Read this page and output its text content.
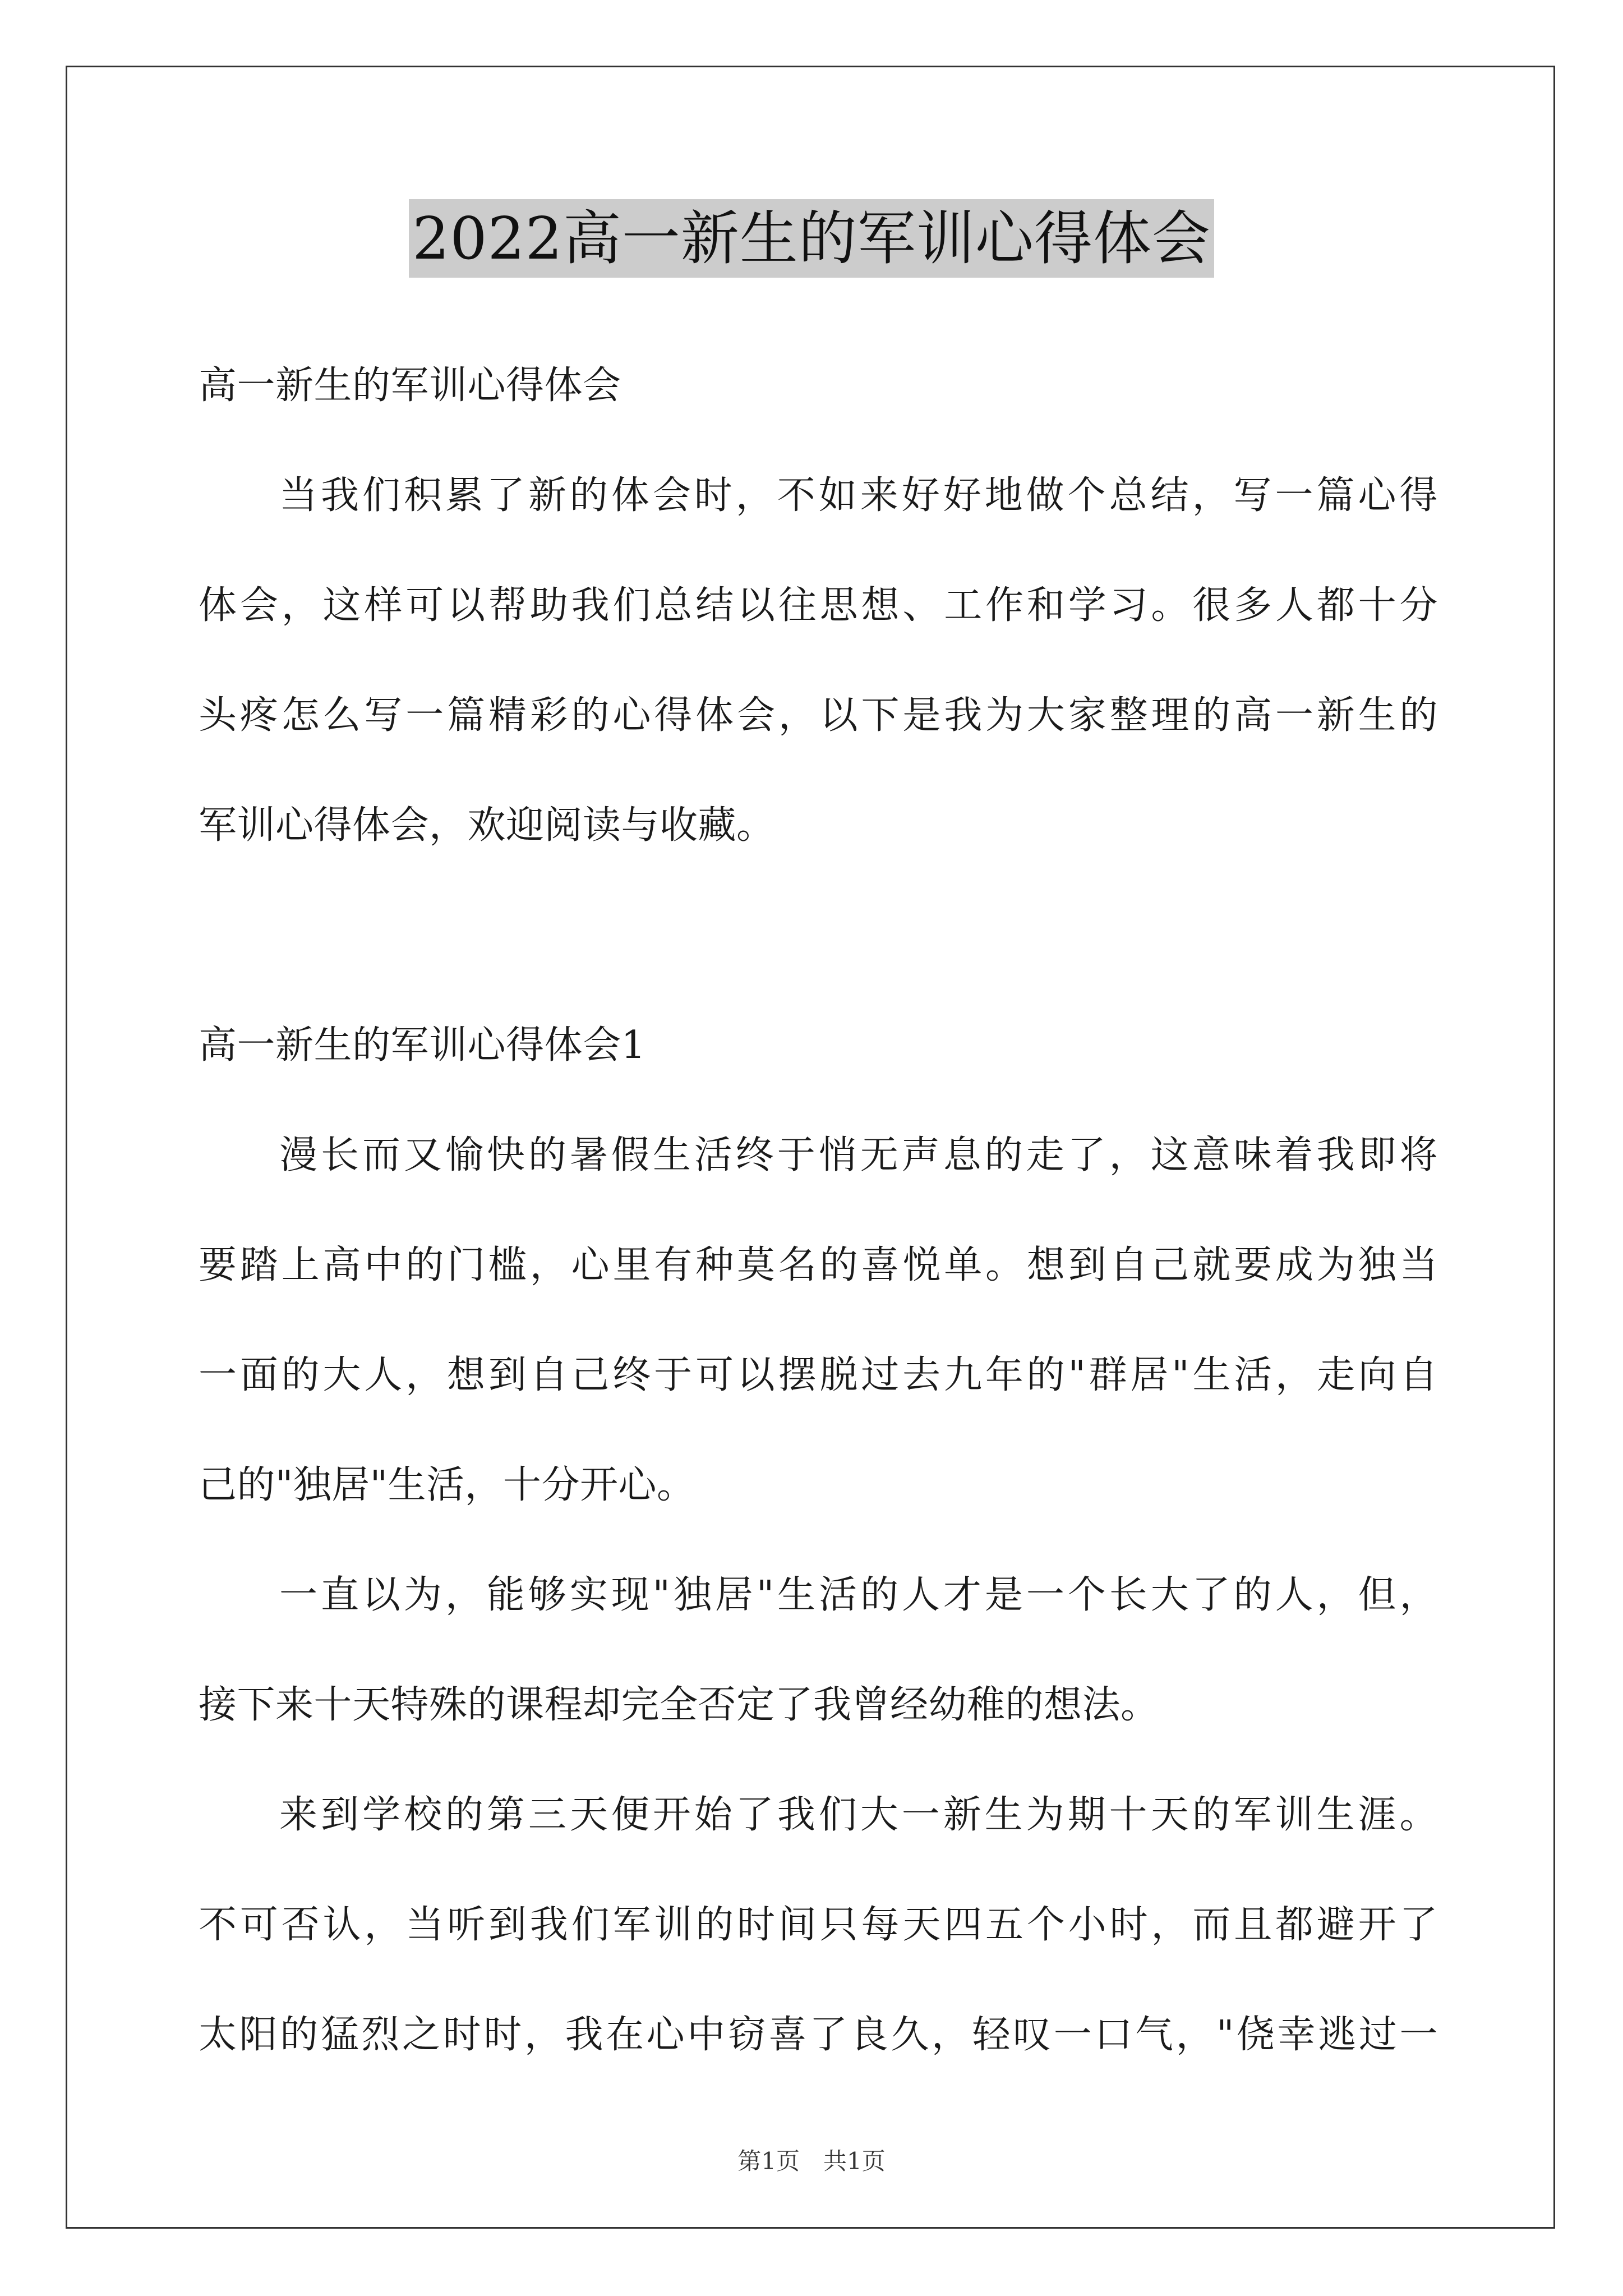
2022高一新生的军训心得体会
高一新生的军训心得体会
当我们积累了新的体会时，不如来好好地做个总结，写一篇心得
体会，这样可以帮助我们总结以往思想、工作和学习。很多人都十分
头疼怎么写一篇精彩的心得体会，以下是我为大家整理的高一新生的
军训心得体会，欢迎阅读与收藏。
高一新生的军训心得体会1
漫长而又愉快的暑假生活终于悄无声息的走了，这意味着我即将
要踏上高中的门槛，心里有种莫名的喜悦单。想到自己就要成为独当
一面的大人，想到自己终于可以摆脱过去九年的"群居"生活，走向自
己的"独居"生活，十分开心。
一直以为，能够实现"独居"生活的人才是一个长大了的人，但，
接下来十天特殊的课程却完全否定了我曾经幼稚的想法。
来到学校的第三天便开始了我们大一新生为期十天的军训生涯。
不可否认，当听到我们军训的时间只每天四五个小时，而且都避开了
太阳的猛烈之时时，我在心中窃喜了良久，轻叹一口气，"侥幸逃过一
第1页　共1页
